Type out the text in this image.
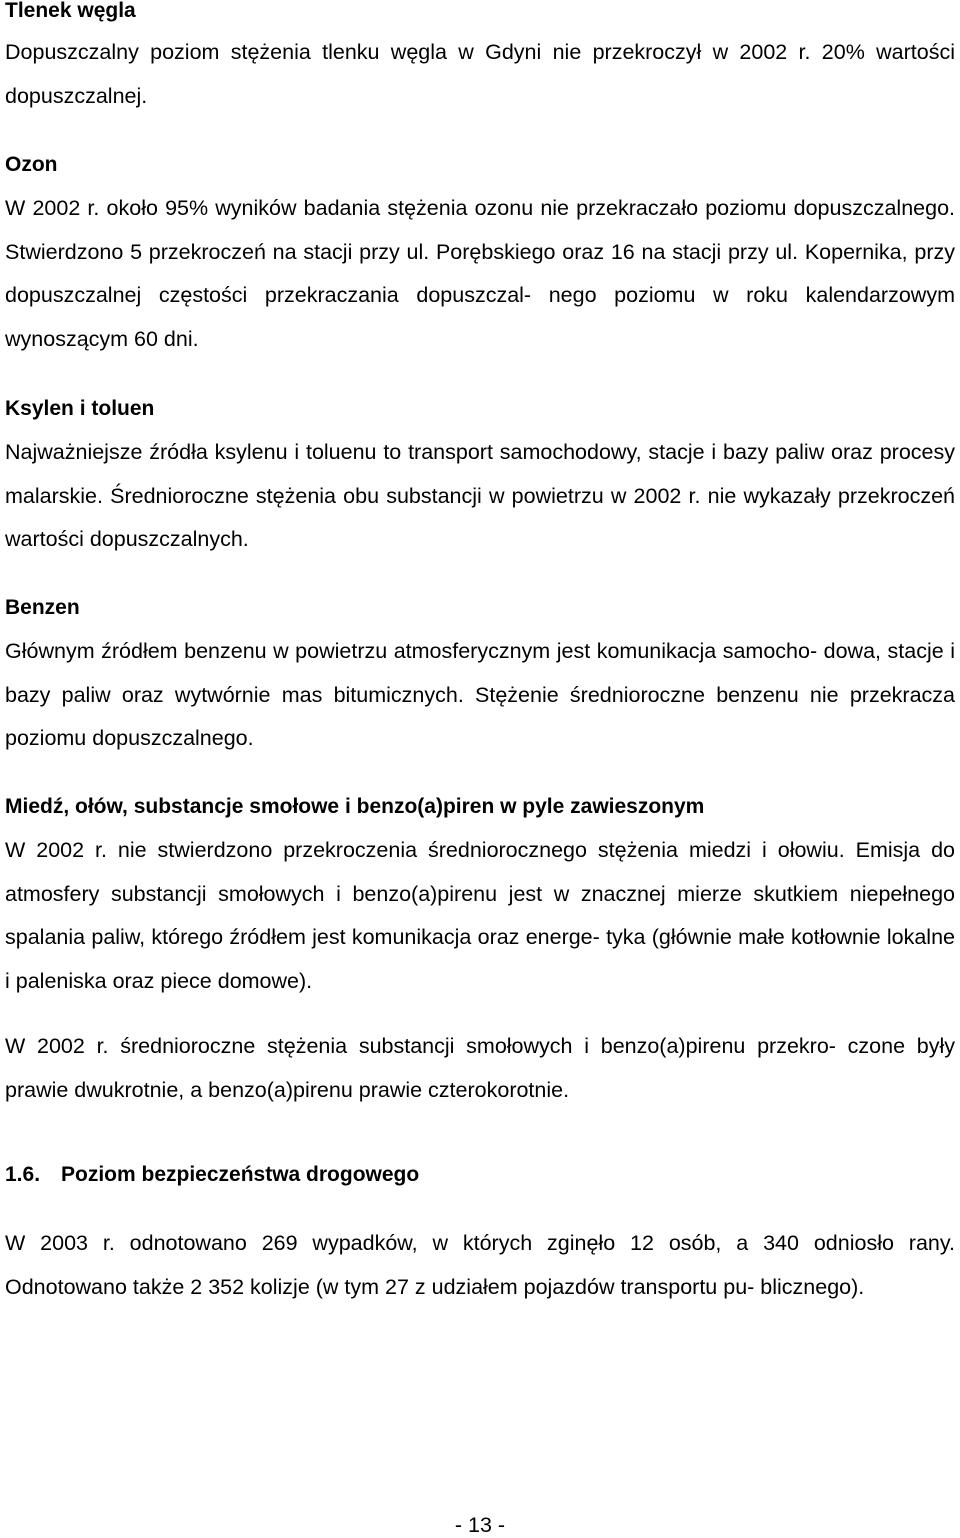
Tlenek węgla

Dopuszczalny poziom stężenia tlenku węgla w Gdyni nie przekroczył w 2002 r. 20% wartości dopuszczalnej.

Ozon

W 2002 r. około 95% wyników badania stężenia ozonu nie przekraczało poziomu dopuszczalnego. Stwierdzono 5 przekroczeń na stacji przy ul. Porębskiego oraz 16 na stacji przy ul. Kopernika, przy dopuszczalnej częstości przekraczania dopuszczal- nego poziomu w roku kalendarzowym wynoszącym 60 dni.

Ksylen i toluen

Najważniejsze źródła ksylenu i toluenu to transport samochodowy, stacje i bazy paliw oraz procesy malarskie. Średnioroczne stężenia obu substancji w powietrzu w 2002 r. nie wykazały przekroczeń wartości dopuszczalnych.

Benzen

Głównym źródłem benzenu w powietrzu atmosferycznym jest komunikacja samocho- dowa, stacje i bazy paliw oraz wytwórnie mas bitumicznych. Stężenie średnioroczne benzenu nie przekracza poziomu dopuszczalnego.

Miedź, ołów, substancje smołowe i benzo(a)piren w pyle zawieszonym

W 2002 r. nie stwierdzono przekroczenia średniorocznego stężenia miedzi i ołowiu. Emisja do atmosfery substancji smołowych i benzo(a)pirenu jest w znacznej mierze skutkiem niepełnego spalania paliw, którego źródłem jest komunikacja oraz energe- tyka (głównie małe kotłownie lokalne i paleniska oraz piece domowe).

W 2002 r. średnioroczne stężenia substancji smołowych i benzo(a)pirenu przekro- czone były prawie dwukrotnie, a benzo(a)pirenu prawie czterokorotnie.

1.6. Poziom bezpieczeństwa drogowego

W 2003 r. odnotowano 269 wypadków, w których zginęło 12 osób, a 340 odniosło rany. Odnotowano także 2 352 kolizje (w tym 27 z udziałem pojazdów transportu pu- blicznego).

- 13 -
